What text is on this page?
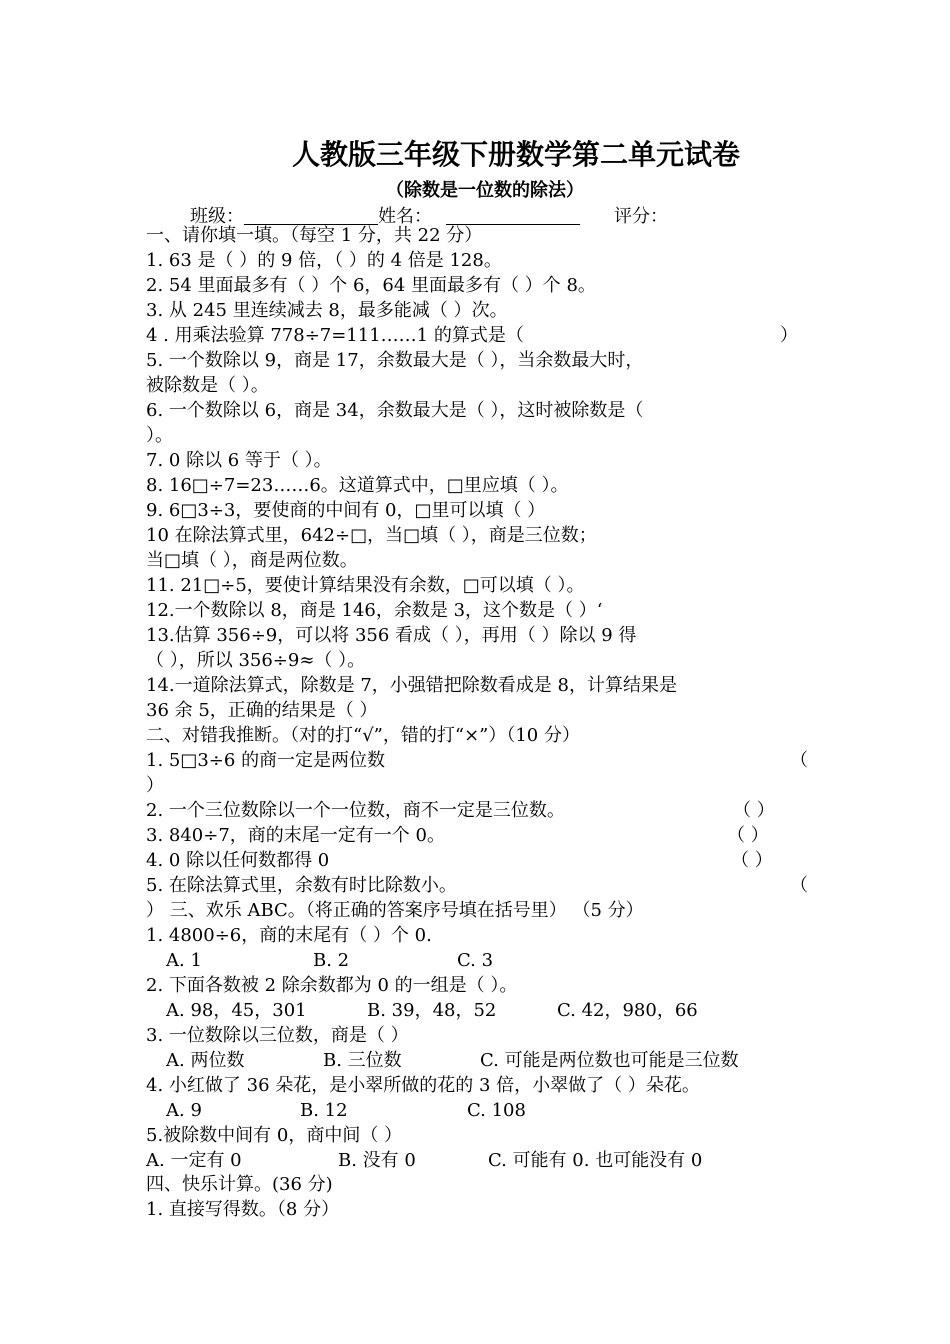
人教版三年级下册数学第二单元试卷
（除数是一位数的除法）
班级：	姓名：	评分：
一、请你填一填。（每空 1 分，共 22 分）
1. 63 是（ ）的 9 倍，（ ）的 4 倍是 128。
2. 54 里面最多有（ ）个 6，64 里面最多有（ ）个 8。
3. 从 245 里连续减去 8，最多能减（ ）次。
4 . 用乘法验算 778÷7=111……1 的算式是（	）
5. 一个数除以 9，商是 17，余数最大是（ ），当余数最大时，
被除数是（ ）。
6. 一个数除以 6，商是 34，余数最大是（ ），这时被除数是（
）。
7. 0 除以 6 等于（ ）。
8. 16□÷7=23……6。这道算式中，□里应填（ ）。
9. 6□3÷3，要使商的中间有 0，□里可以填（ ）
10 在除法算式里，642÷□，当□填（ ），商是三位数；
当□填（ ），商是两位数。
11. 21□÷5，要使计算结果没有余数，□可以填（ ）。
12.一个数除以 8，商是 146，余数是 3，这个数是（ ）‘
13.估算 356÷9，可以将 356 看成（ ），再用（ ）除以 9 得
（ ），所以 356÷9≈（ ）。
14.一道除法算式，除数是 7，小强错把除数看成是 8，计算结果是
36 余 5，正确的结果是（ ）
二、对错我推断。（对的打“√”，错的打“×”）（10 分）
1. 5□3÷6 的商一定是两位数	（
）
2. 一个三位数除以一个一位数，商不一定是三位数。	（ ）
3. 840÷7，商的末尾一定有一个 0。	（ ）
4. 0 除以任何数都得 0	（ ）
5. 在除法算式里，余数有时比除数小。	（
） 三、欢乐 ABC。（将正确的答案序号填在括号里） （5 分）
1. 4800÷6，商的末尾有（ ）个 0.
A. 1	B. 2	C. 3
2. 下面各数被 2 除余数都为 0 的一组是（ ）。
A. 98，45，301	B. 39，48，52	C. 42，980，66
3. 一位数除以三位数，商是（ ）
A. 两位数	B. 三位数	C. 可能是两位数也可能是三位数
4. 小红做了 36 朵花，是小翠所做的花的 3 倍，小翠做了（ ）朵花。
A. 9	B. 12	C. 108
5.被除数中间有 0，商中间（ ）
A. 一定有 0	B. 没有 0	C. 可能有 0. 也可能没有 0
四、快乐计算。(36 分)
1. 直接写得数。（8 分）
